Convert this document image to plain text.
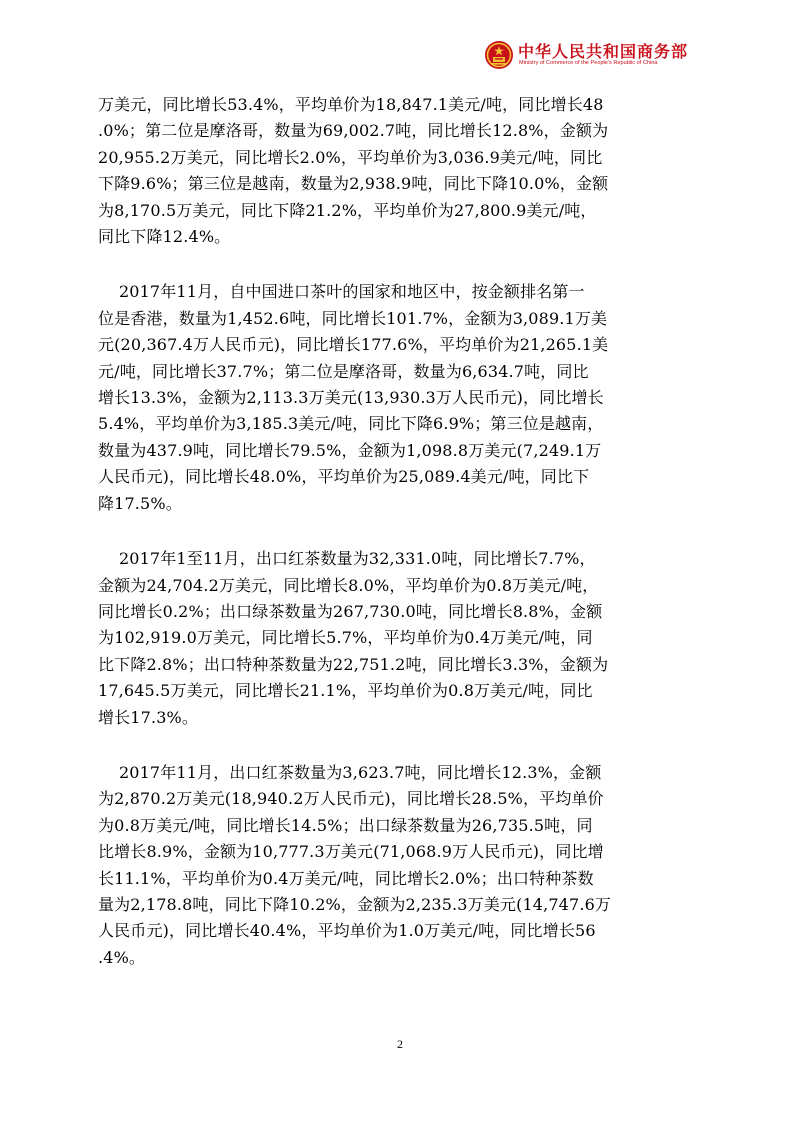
中华人民共和国商务部
Ministry of Commerce of the People's Republic of China

万美元，同比增长53.4%，平均单价为18,847.1美元/吨，同比增长48
.0%；第二位是摩洛哥，数量为69,002.7吨，同比增长12.8%，金额为
20,955.2万美元，同比增长2.0%，平均单价为3,036.9美元/吨，同比
下降9.6%；第三位是越南，数量为2,938.9吨，同比下降10.0%，金额
为8,170.5万美元，同比下降21.2%，平均单价为27,800.9美元/吨，
同比下降12.4%。

2017年11月，自中国进口茶叶的国家和地区中，按金额排名第一
位是香港，数量为1,452.6吨，同比增长101.7%，金额为3,089.1万美
元(20,367.4万人民币元)，同比增长177.6%，平均单价为21,265.1美
元/吨，同比增长37.7%；第二位是摩洛哥，数量为6,634.7吨，同比
增长13.3%，金额为2,113.3万美元(13,930.3万人民币元)，同比增长
5.4%，平均单价为3,185.3美元/吨，同比下降6.9%；第三位是越南，
数量为437.9吨，同比增长79.5%，金额为1,098.8万美元(7,249.1万
人民币元)，同比增长48.0%，平均单价为25,089.4美元/吨，同比下
降17.5%。

2017年1至11月，出口红茶数量为32,331.0吨，同比增长7.7%，
金额为24,704.2万美元，同比增长8.0%，平均单价为0.8万美元/吨，
同比增长0.2%；出口绿茶数量为267,730.0吨，同比增长8.8%，金额
为102,919.0万美元，同比增长5.7%，平均单价为0.4万美元/吨，同
比下降2.8%；出口特种茶数量为22,751.2吨，同比增长3.3%，金额为
17,645.5万美元，同比增长21.1%，平均单价为0.8万美元/吨，同比
增长17.3%。

2017年11月，出口红茶数量为3,623.7吨，同比增长12.3%，金额
为2,870.2万美元(18,940.2万人民币元)，同比增长28.5%，平均单价
为0.8万美元/吨，同比增长14.5%；出口绿茶数量为26,735.5吨，同
比增长8.9%，金额为10,777.3万美元(71,068.9万人民币元)，同比增
长11.1%，平均单价为0.4万美元/吨，同比增长2.0%；出口特种茶数
量为2,178.8吨，同比下降10.2%，金额为2,235.3万美元(14,747.6万
人民币元)，同比增长40.4%，平均单价为1.0万美元/吨，同比增长56
.4%。

2
